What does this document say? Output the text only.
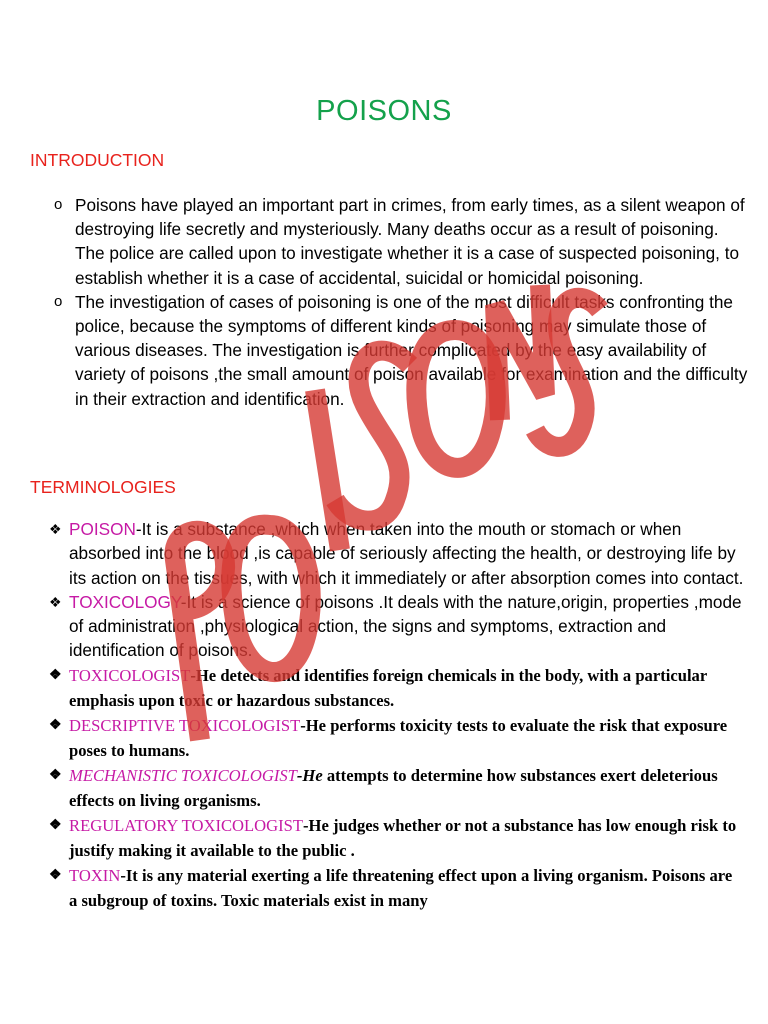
POISONS
INTRODUCTION
o Poisons have played an important part in crimes, from early times, as a silent weapon of destroying life secretly and mysteriously. Many deaths occur as a result of poisoning. The police are called upon to investigate whether it is a case of suspected poisoning, to establish whether it is a case of accidental, suicidal or homicidal poisoning.
o The investigation of cases of poisoning is one of the most difficult tasks confronting the police, because the symptoms of different kinds of poisoning may simulate those of various diseases. The investigation is further complicated by the easy availability of variety of poisons ,the small amount of poison available for examination and the difficulty in their extraction and identification.
TERMINOLOGIES
❖ POISON-It is a substance ,which when taken into the mouth or stomach or when absorbed into the blood ,is capable of seriously affecting the health, or destroying life by its action on the tissues, with which it immediately or after absorption comes into contact.
❖ TOXICOLOGY-It is a science of poisons .It deals with the nature,origin, properties ,mode of administration ,physiological action, the signs and symptoms, extraction and identification of poisons.
❖ TOXICOLOGIST-He detects and identifies foreign chemicals in the body, with a particular emphasis upon toxic or hazardous substances.
❖ DESCRIPTIVE TOXICOLOGIST-He performs toxicity tests to evaluate the risk that exposure poses to humans.
❖ MECHANISTIC TOXICOLOGIST-He attempts to determine how substances exert deleterious effects on living organisms.
❖ REGULATORY TOXICOLOGIST-He judges whether or not a substance has low enough risk to justify making it available to the public .
❖ TOXIN-It is any material exerting a life threatening effect upon a living organism. Poisons are a subgroup of toxins. Toxic materials exist in many
